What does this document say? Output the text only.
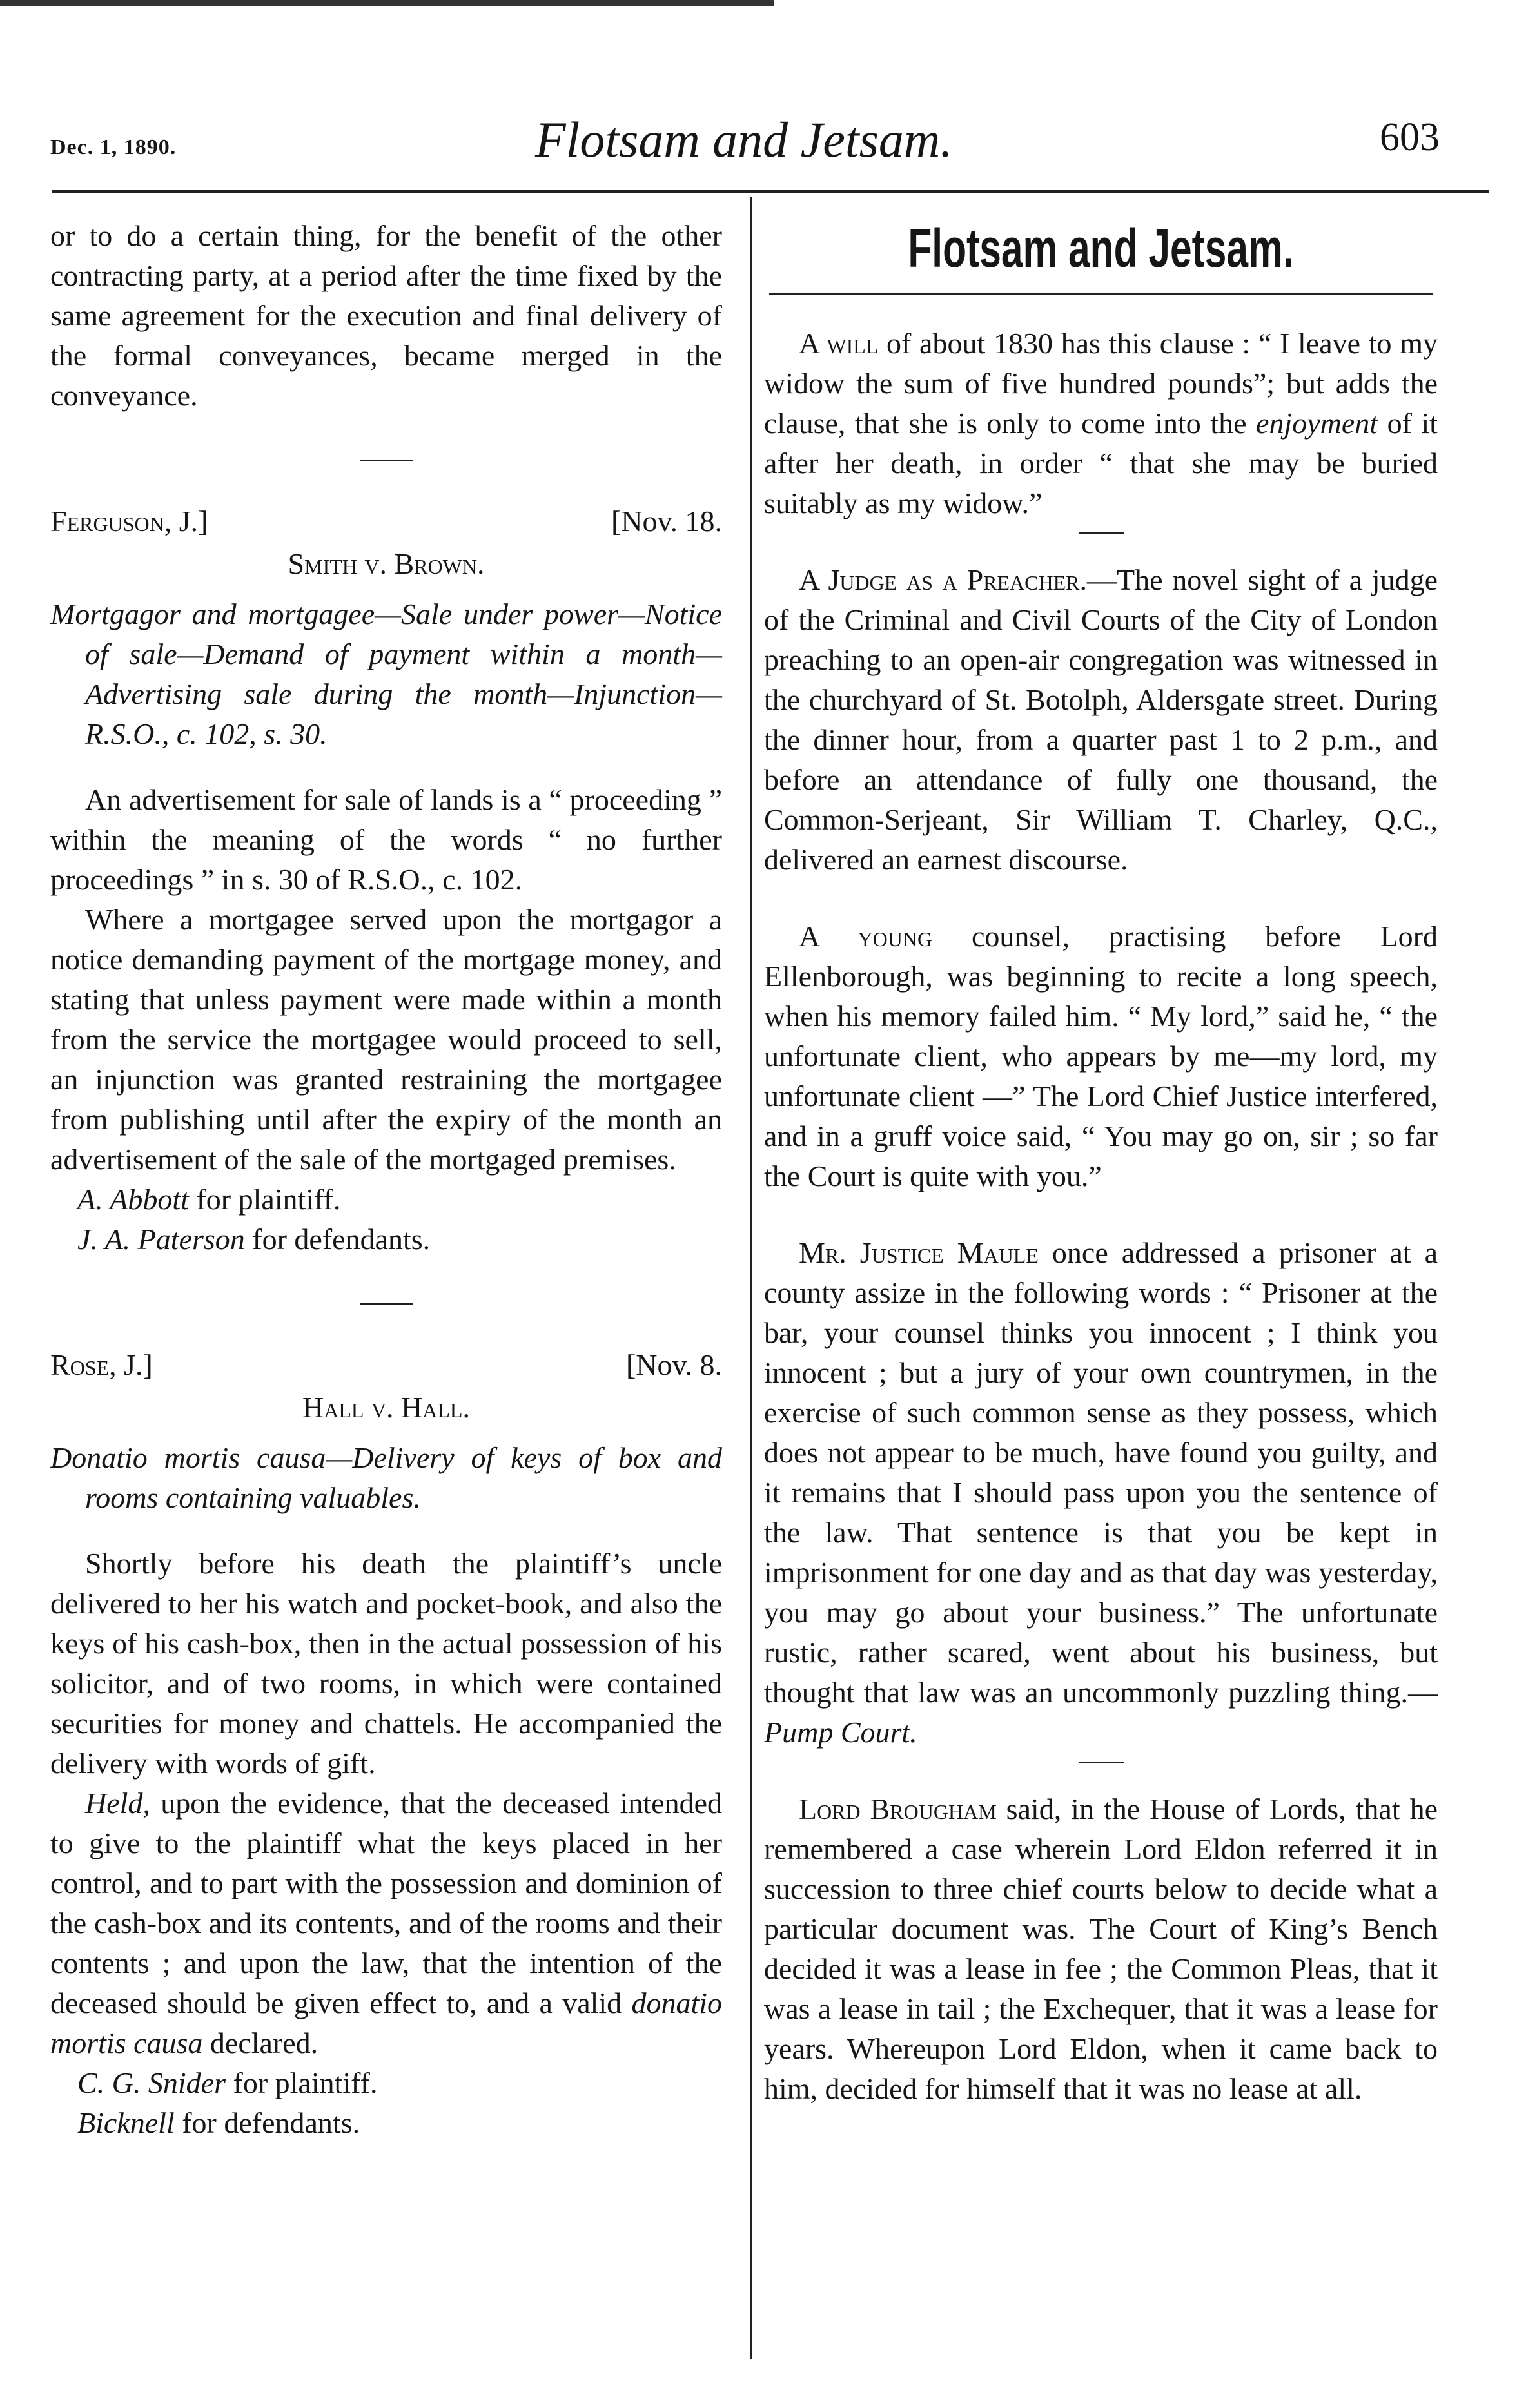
Dec. 1, 1890.	Flotsam and Jetsam.	603

or to do a certain thing, for the benefit of the other contracting party, at a period after the time fixed by the same agreement for the execution and final delivery of the formal conveyances, became merged in the conveyance.

Ferguson, J.]	[Nov. 18.
Smith v. Brown.

Mortgagor and mortgagee—Sale under power—Notice of sale—Demand of payment within a month—Advertising sale during the month—Injunction—R.S.O., c. 102, s. 30.

An advertisement for sale of lands is a “ proceeding ” within the meaning of the words “ no further proceedings ” in s. 30 of R.S.O., c. 102.

Where a mortgagee served upon the mortgagor a notice demanding payment of the mortgage money, and stating that unless payment were made within a month from the service the mortgagee would proceed to sell, an injunction was granted restraining the mortgagee from publishing until after the expiry of the month an advertisement of the sale of the mortgaged premises.

A. Abbott for plaintiff.

J. A. Paterson for defendants.

Rose, J.]	[Nov. 8.
Hall v. Hall.

Donatio mortis causa—Delivery of keys of box and rooms containing valuables.

Shortly before his death the plaintiff’s uncle delivered to her his watch and pocket-book, and also the keys of his cash-box, then in the actual possession of his solicitor, and of two rooms, in which were contained securities for money and chattels. He accompanied the delivery with words of gift.

Held, upon the evidence, that the deceased intended to give to the plaintiff what the keys placed in her control, and to part with the possession and dominion of the cash-box and its contents, and of the rooms and their contents ; and upon the law, that the intention of the deceased should be given effect to, and a valid donatio mortis causa declared.

C. G. Snider for plaintiff.

Bicknell for defendants.

Flotsam and Jetsam.

A will of about 1830 has this clause : “ I leave to my widow the sum of five hundred pounds”; but adds the clause, that she is only to come into the enjoyment of it after her death, in order “ that she may be buried suitably as my widow.”

A Judge as a Preacher.—The novel sight of a judge of the Criminal and Civil Courts of the City of London preaching to an open-air congregation was witnessed in the churchyard of St. Botolph, Aldersgate street. During the dinner hour, from a quarter past 1 to 2 p.m., and before an attendance of fully one thousand, the Common-Serjeant, Sir William T. Charley, Q.C., delivered an earnest discourse.

A young counsel, practising before Lord Ellenborough, was beginning to recite a long speech, when his memory failed him. “ My lord,” said he, “ the unfortunate client, who appears by me—my lord, my unfortunate client —” The Lord Chief Justice interfered, and in a gruff voice said, “ You may go on, sir ; so far the Court is quite with you.”

Mr. Justice Maule once addressed a prisoner at a county assize in the following words : “ Prisoner at the bar, your counsel thinks you innocent ; I think you innocent ; but a jury of your own countrymen, in the exercise of such common sense as they possess, which does not appear to be much, have found you guilty, and it remains that I should pass upon you the sentence of the law. That sentence is that you be kept in imprisonment for one day and as that day was yesterday, you may go about your business.” The unfortunate rustic, rather scared, went about his business, but thought that law was an uncommonly puzzling thing.—Pump Court.

Lord Brougham said, in the House of Lords, that he remembered a case wherein Lord Eldon referred it in succession to three chief courts below to decide what a particular document was. The Court of King’s Bench decided it was a lease in fee ; the Common Pleas, that it was a lease in tail ; the Exchequer, that it was a lease for years. Whereupon Lord Eldon, when it came back to him, decided for himself that it was no lease at all.
